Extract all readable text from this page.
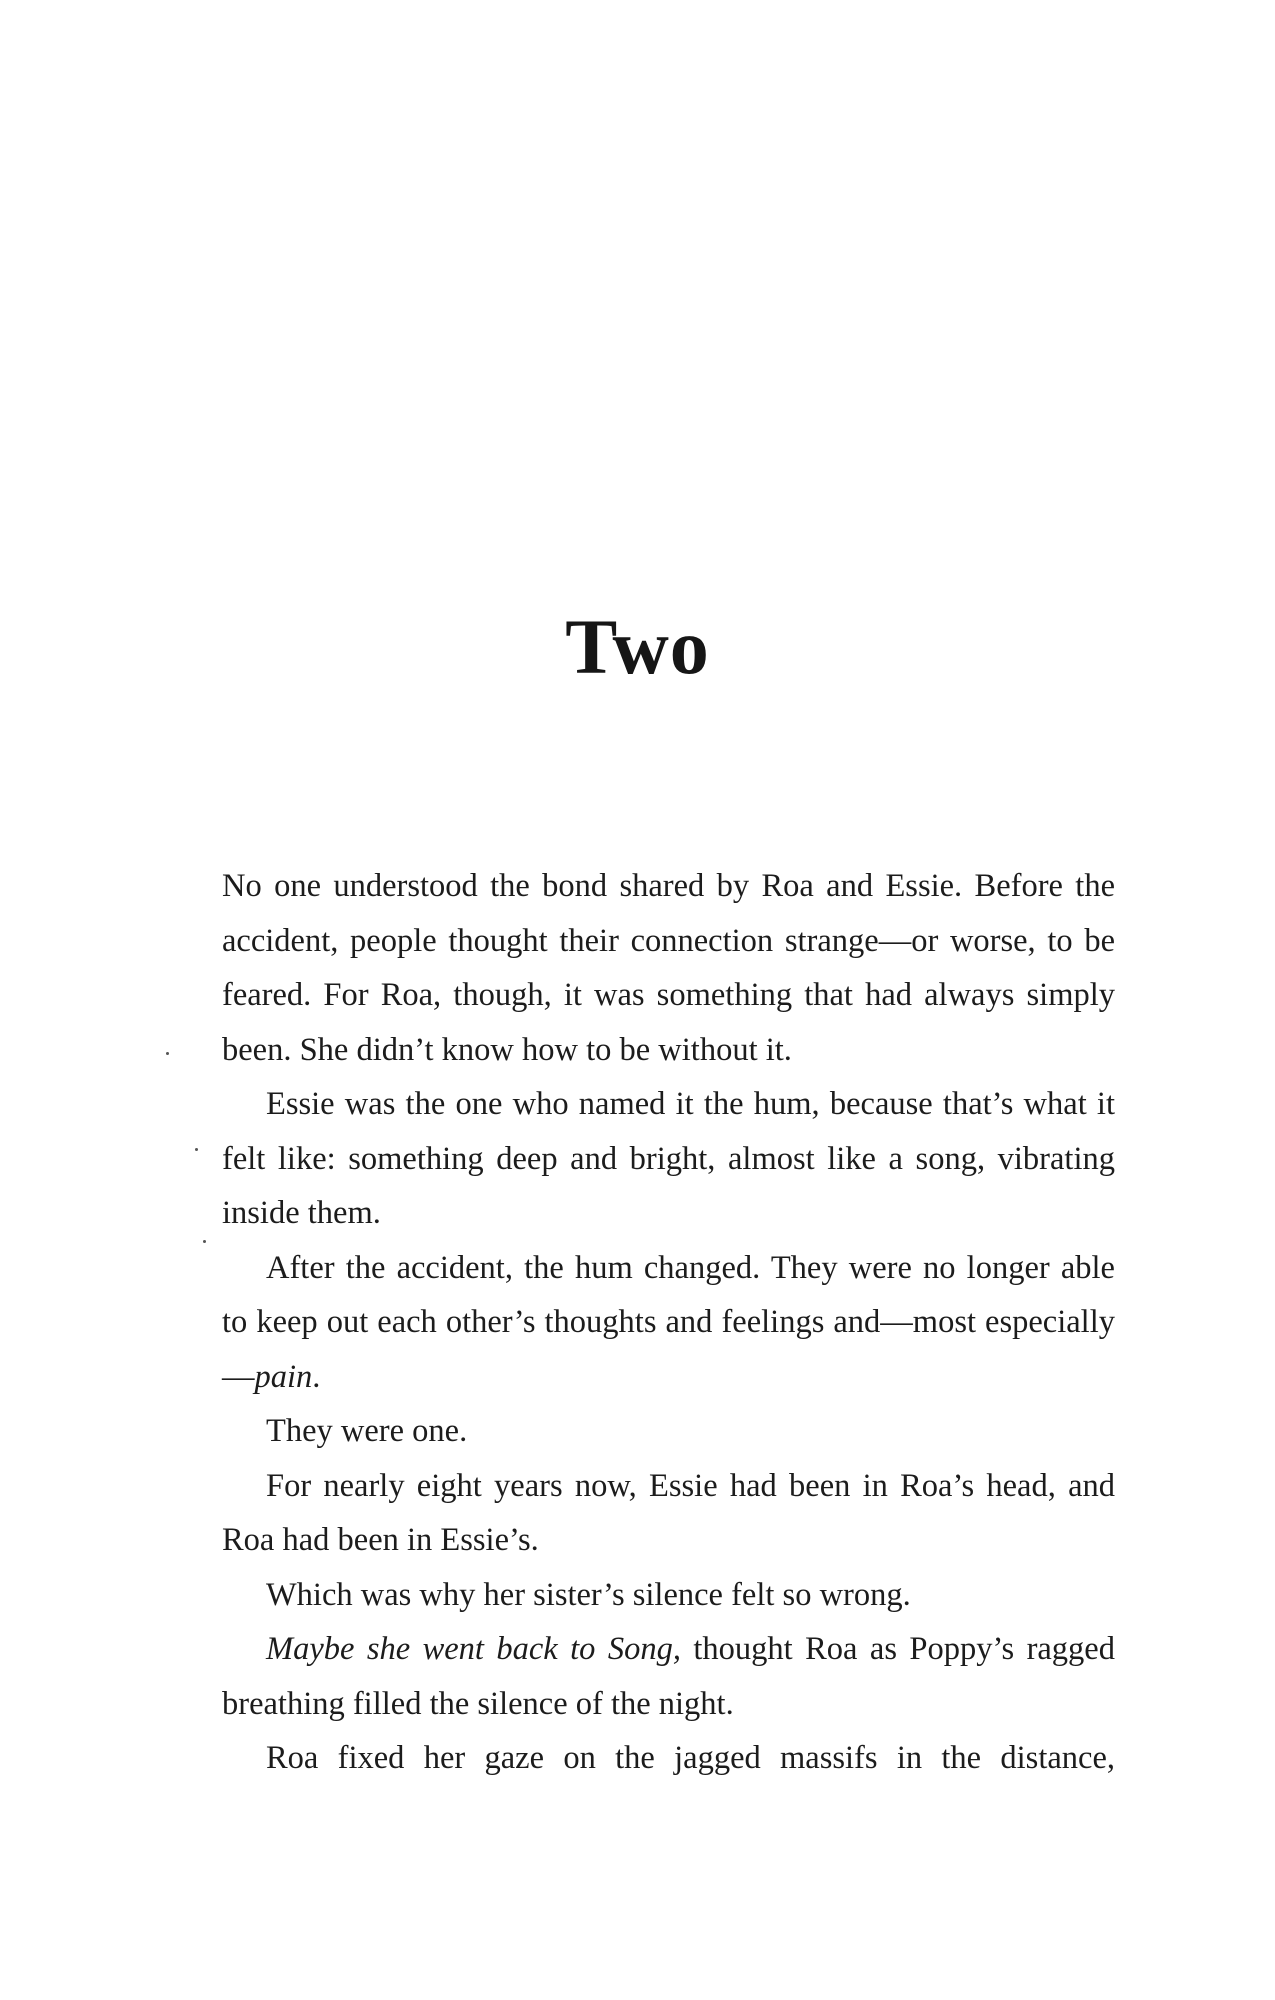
Two

No one understood the bond shared by Roa and Essie. Before the accident, people thought their connection strange—or worse, to be feared. For Roa, though, it was something that had always simply been. She didn’t know how to be without it.

Essie was the one who named it the hum, because that’s what it felt like: something deep and bright, almost like a song, vibrating inside them.

After the accident, the hum changed. They were no longer able to keep out each other’s thoughts and feelings and—most especially—pain.

They were one.

For nearly eight years now, Essie had been in Roa’s head, and Roa had been in Essie’s.

Which was why her sister’s silence felt so wrong.

Maybe she went back to Song, thought Roa as Poppy’s ragged breathing filled the silence of the night.

Roa fixed her gaze on the jagged massifs in the distance,
